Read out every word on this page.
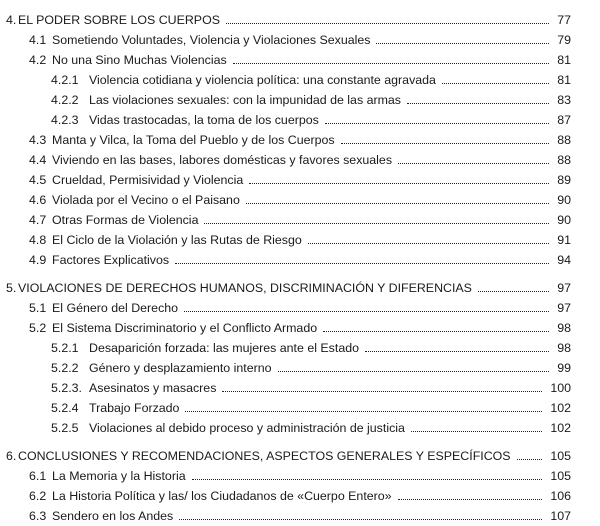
4. EL PODER SOBRE LOS CUERPOS	77
4.1 Sometiendo Voluntades, Violencia y Violaciones Sexuales	79
4.2 No una Sino Muchas Violencias	81
4.2.1 Violencia cotidiana y violencia política: una constante agravada	81
4.2.2 Las violaciones sexuales: con la impunidad de las armas	83
4.2.3 Vidas trastocadas, la toma de los cuerpos	87
4.3 Manta y Vilca, la Toma del Pueblo y de los Cuerpos	88
4.4 Viviendo en las bases, labores domésticas y favores sexuales	88
4.5 Crueldad, Permisividad y Violencia	89
4.6 Violada por el Vecino o el Paisano	90
4.7 Otras Formas de Violencia	90
4.8 El Ciclo de la Violación y las Rutas de Riesgo	91
4.9 Factores Explicativos	94
5. VIOLACIONES DE DERECHOS HUMANOS, DISCRIMINACIÓN Y DIFERENCIAS	97
5.1 El Género del Derecho	97
5.2 El Sistema Discriminatorio y el Conflicto Armado	98
5.2.1 Desaparición forzada: las mujeres ante el Estado	98
5.2.2 Género y desplazamiento interno	99
5.2.3. Asesinatos y masacres	100
5.2.4 Trabajo Forzado	102
5.2.5 Violaciones al debido proceso y administración de justicia	102
6. CONCLUSIONES Y RECOMENDACIONES, ASPECTOS GENERALES Y ESPECÍFICOS	105
6.1 La Memoria y la Historia	105
6.2 La Historia Política y las/ los Ciudadanos de «Cuerpo Entero»	106
6.3 Sendero en los Andes	107
